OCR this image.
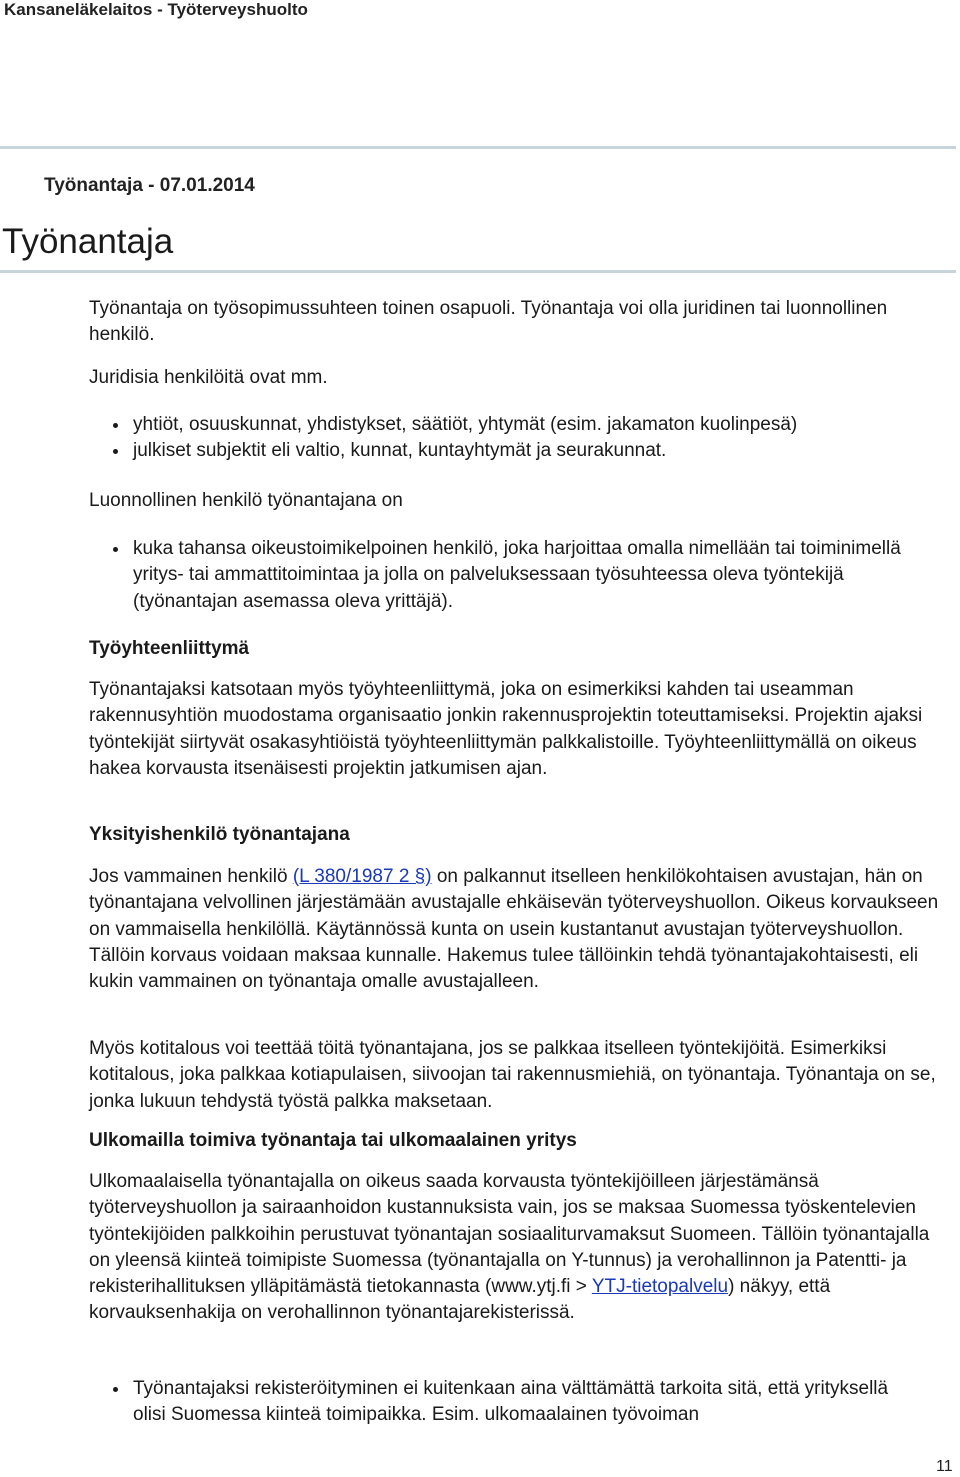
Kansaneläkelaitos - Työterveyshuolto
Työnantaja - 07.01.2014
Työnantaja

Työnantaja on työsopimussuhteen toinen osapuoli. Työnantaja voi olla juridinen tai luonnollinen henkilö.

Juridisia henkilöitä ovat mm.

yhtiöt, osuuskunnat, yhdistykset, säätiöt, yhtymät (esim. jakamaton kuolinpesä)
julkiset subjektit eli valtio, kunnat, kuntayhtymät ja seurakunnat.

Luonnollinen henkilö työnantajana on

kuka tahansa oikeustoimikelpoinen henkilö, joka harjoittaa omalla nimellään tai toiminimellä yritys- tai ammattitoimintaa ja jolla on palveluksessaan työsuhteessa oleva työntekijä (työnantajan asemassa oleva yrittäjä).
Työyhteenliittymä

Työnantajaksi katsotaan myös työyhteenliittymä, joka on esimerkiksi kahden tai useamman rakennusyhtiön muodostama organisaatio jonkin rakennusprojektin toteuttamiseksi. Projektin ajaksi työntekijät siirtyvät osakasyhtiöistä työyhteenliittymän palkkalistoille. Työyhteenliittymällä on oikeus hakea korvausta itsenäisesti projektin jatkumisen ajan.

Yksityishenkilö työnantajana

Jos vammainen henkilö (L 380/1987 2 §) on palkannut itselleen henkilökohtaisen avustajan, hän on työnantajana velvollinen järjestämään avustajalle ehkäisevän työterveyshuollon. Oikeus korvaukseen on vammaisella henkilöllä. Käytännössä kunta on usein kustantanut avustajan työterveyshuollon. Tällöin korvaus voidaan maksaa kunnalle. Hakemus tulee tällöinkin tehdä työnantajakohtaisesti, eli kukin vammainen on työnantaja omalle avustajalleen.

Myös kotitalous voi teettää töitä työnantajana, jos se palkkaa itselleen työntekijöitä. Esimerkiksi kotitalous, joka palkkaa kotiapulaisen, siivoojan tai rakennusmiehiä, on työnantaja. Työnantaja on se, jonka lukuun tehdystä työstä palkka maksetaan.

Ulkomailla toimiva työnantaja tai ulkomaalainen yritys

Ulkomaalaisella työnantajalla on oikeus saada korvausta työntekijöilleen järjestämänsä työterveyshuollon ja sairaanhoidon kustannuksista vain, jos se maksaa Suomessa työskentelevien työntekijöiden palkkoihin perustuvat työnantajan sosiaaliturvamaksut Suomeen. Tällöin työnantajalla on yleensä kiinteä toimipiste Suomessa (työnantajalla on Y-tunnus) ja verohallinnon ja Patentti- ja rekisterihallituksen ylläpitämästä tietokannasta (www.ytj.fi > YTJ-tietopalvelu) näkyy, että korvauksenhakija on verohallinnon työnantajarekisterissä.

Työnantajaksi rekisteröityminen ei kuitenkaan aina välttämättä tarkoita sitä, että yrityksellä olisi Suomessa kiinteä toimipaikka. Esim. ulkomaalainen työvoiman
11
